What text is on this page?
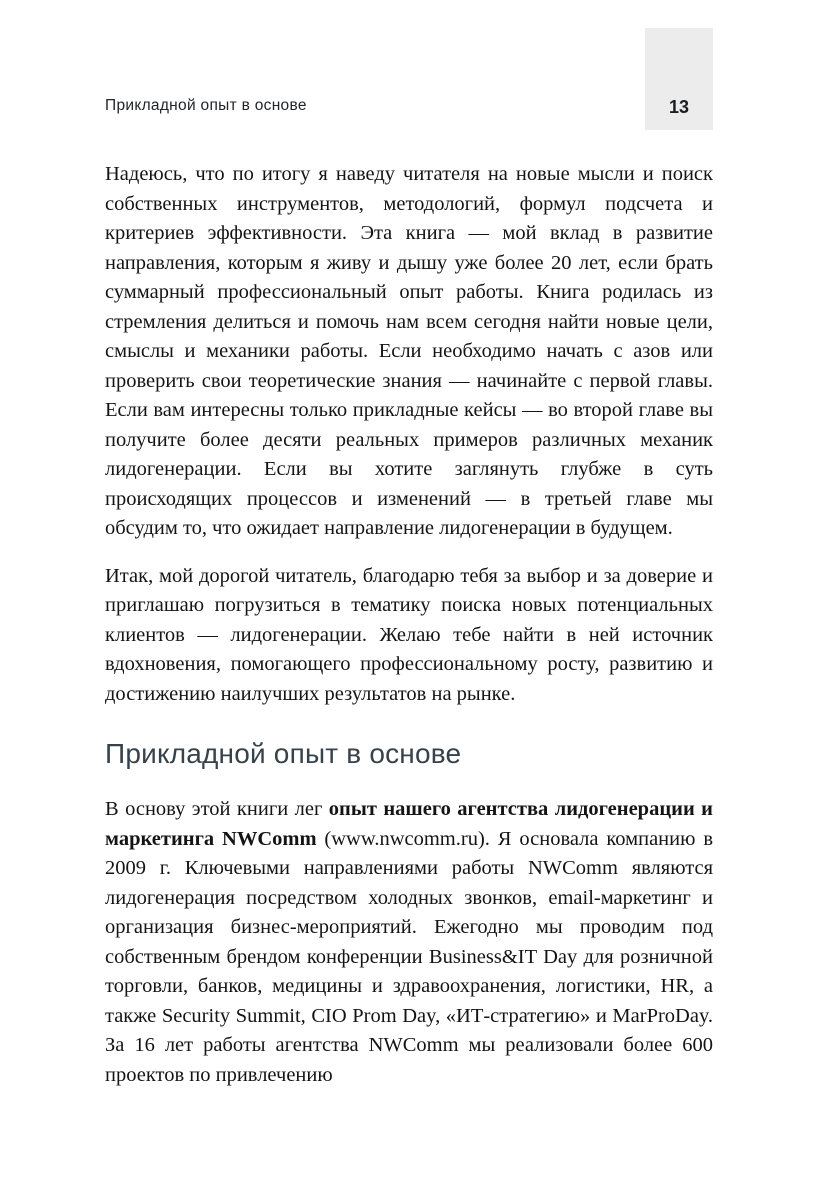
Прикладной опыт в основе	13

Надеюсь, что по итогу я наведу читателя на новые мысли и поиск собственных инструментов, методологий, формул подсчета и критериев эффективности. Эта книга — мой вклад в развитие направления, которым я живу и дышу уже более 20 лет, если брать суммарный профессиональный опыт работы. Книга родилась из стремления делиться и помочь нам всем сегодня найти новые цели, смыслы и механики работы. Если необходимо начать с азов или проверить свои теоретические знания — начинайте с первой главы. Если вам интересны только прикладные кейсы — во второй главе вы получите более десяти реальных примеров различных механик лидогенерации. Если вы хотите заглянуть глубже в суть происходящих процессов и изменений — в третьей главе мы обсудим то, что ожидает направление лидогенерации в будущем.

Итак, мой дорогой читатель, благодарю тебя за выбор и за доверие и приглашаю погрузиться в тематику поиска новых потенциальных клиентов — лидогенерации. Желаю тебе найти в ней источник вдохновения, помогающего профессиональному росту, развитию и достижению наилучших результатов на рынке.

Прикладной опыт в основе

В основу этой книги лег опыт нашего агентства лидогенерации и маркетинга NWComm (www.nwcomm.ru). Я основала компанию в 2009 г. Ключевыми направлениями работы NWComm являются лидогенерация посредством холодных звонков, email-маркетинг и организация бизнес-мероприятий. Ежегодно мы проводим под собственным брендом конференции Business&IT Day для розничной торговли, банков, медицины и здравоохранения, логистики, HR, а также Security Summit, CIO Prom Day, «ИТ-стратегию» и MarProDay. За 16 лет работы агентства NWComm мы реализовали более 600 проектов по привлечению
